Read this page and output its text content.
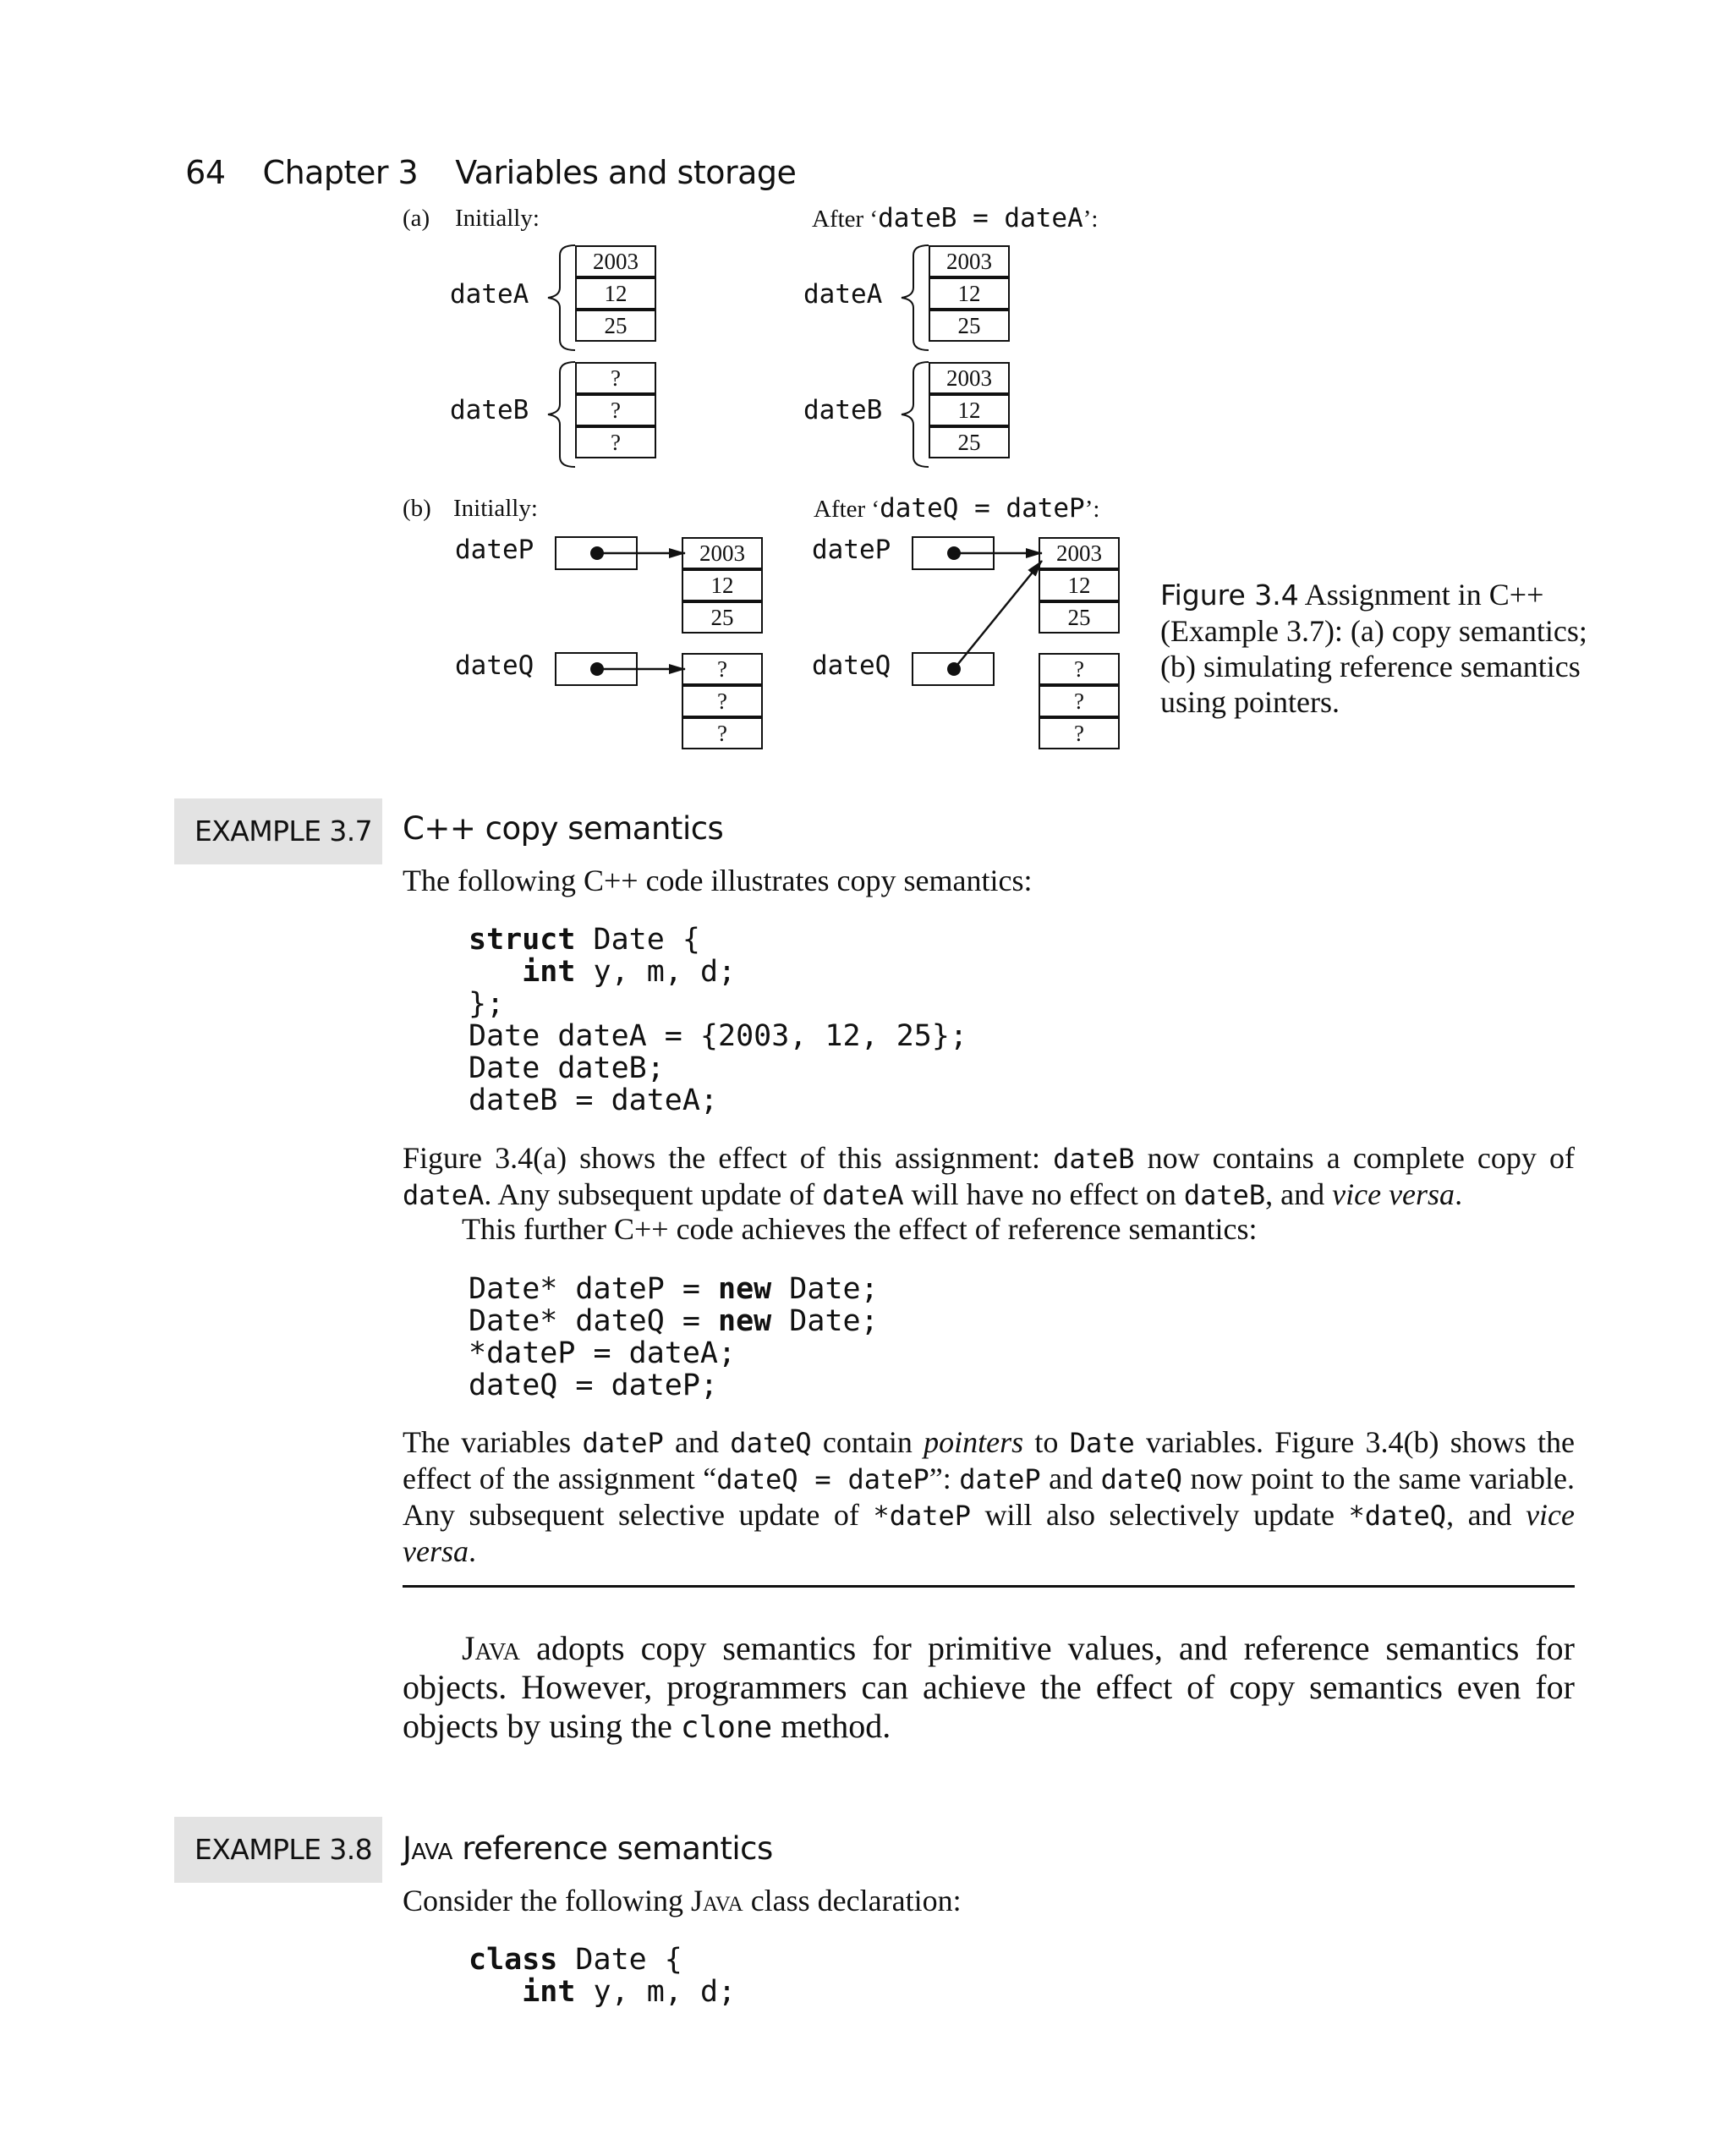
64 Chapter 3 Variables and storage

(a) Initially:	After ‘dateB = dateA’:
dateA
dateB
dateA
dateB
2003
12
25
?
?
?
2003
12
25
2003
12
25
(b) Initially:	After ‘dateQ = dateP’:
dateP
dateQ
dateP
dateQ
2003
12
25
?
?
?
2003
12
25
?
?
?
Figure 3.4 Assignment in C++ (Example 3.7): (a) copy semantics; (b) simulating reference semantics using pointers.
EXAMPLE 3.7 C++ copy semantics
The following C++ code illustrates copy semantics:
struct Date {
int y, m, d;
};
Date dateA = {2003, 12, 25};
Date dateB;
dateB = dateA;
Figure 3.4(a) shows the effect of this assignment: dateB now contains a complete copy of dateA. Any subsequent update of dateA will have no effect on dateB, and vice versa.
This further C++ code achieves the effect of reference semantics:
Date* dateP = new Date;
Date* dateQ = new Date;
*dateP = dateA;
dateQ = dateP;
The variables dateP and dateQ contain pointers to Date variables. Figure 3.4(b) shows the effect of the assignment “dateQ = dateP”: dateP and dateQ now point to the same variable. Any subsequent selective update of *dateP will also selectively update *dateQ, and vice versa.
Java adopts copy semantics for primitive values, and reference semantics for objects. However, programmers can achieve the effect of copy semantics even for objects by using the clone method.
EXAMPLE 3.8 Java reference semantics
Consider the following Java class declaration:
class Date {
int y, m, d;
